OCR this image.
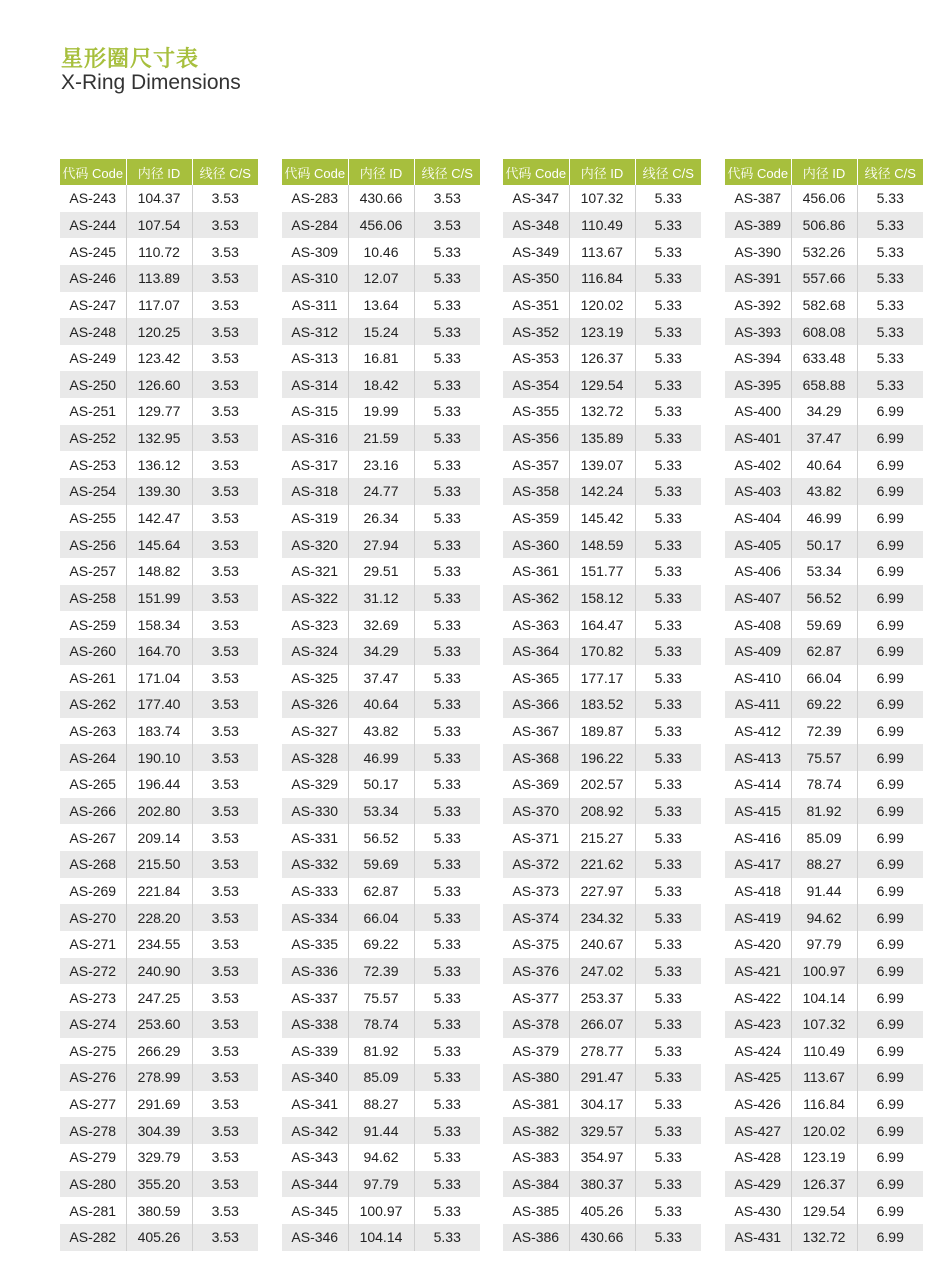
星形圈尺寸表
X-Ring Dimensions
代码 Code	内径 ID	线径 C/S
AS-243	104.37	3.53
AS-244	107.54	3.53
AS-245	110.72	3.53
AS-246	113.89	3.53
AS-247	117.07	3.53
AS-248	120.25	3.53
AS-249	123.42	3.53
AS-250	126.60	3.53
AS-251	129.77	3.53
AS-252	132.95	3.53
AS-253	136.12	3.53
AS-254	139.30	3.53
AS-255	142.47	3.53
AS-256	145.64	3.53
AS-257	148.82	3.53
AS-258	151.99	3.53
AS-259	158.34	3.53
AS-260	164.70	3.53
AS-261	171.04	3.53
AS-262	177.40	3.53
AS-263	183.74	3.53
AS-264	190.10	3.53
AS-265	196.44	3.53
AS-266	202.80	3.53
AS-267	209.14	3.53
AS-268	215.50	3.53
AS-269	221.84	3.53
AS-270	228.20	3.53
AS-271	234.55	3.53
AS-272	240.90	3.53
AS-273	247.25	3.53
AS-274	253.60	3.53
AS-275	266.29	3.53
AS-276	278.99	3.53
AS-277	291.69	3.53
AS-278	304.39	3.53
AS-279	329.79	3.53
AS-280	355.20	3.53
AS-281	380.59	3.53
AS-282	405.26	3.53
代码 Code	内径 ID	线径 C/S
AS-283	430.66	3.53
AS-284	456.06	3.53
AS-309	10.46	5.33
AS-310	12.07	5.33
AS-311	13.64	5.33
AS-312	15.24	5.33
AS-313	16.81	5.33
AS-314	18.42	5.33
AS-315	19.99	5.33
AS-316	21.59	5.33
AS-317	23.16	5.33
AS-318	24.77	5.33
AS-319	26.34	5.33
AS-320	27.94	5.33
AS-321	29.51	5.33
AS-322	31.12	5.33
AS-323	32.69	5.33
AS-324	34.29	5.33
AS-325	37.47	5.33
AS-326	40.64	5.33
AS-327	43.82	5.33
AS-328	46.99	5.33
AS-329	50.17	5.33
AS-330	53.34	5.33
AS-331	56.52	5.33
AS-332	59.69	5.33
AS-333	62.87	5.33
AS-334	66.04	5.33
AS-335	69.22	5.33
AS-336	72.39	5.33
AS-337	75.57	5.33
AS-338	78.74	5.33
AS-339	81.92	5.33
AS-340	85.09	5.33
AS-341	88.27	5.33
AS-342	91.44	5.33
AS-343	94.62	5.33
AS-344	97.79	5.33
AS-345	100.97	5.33
AS-346	104.14	5.33
代码 Code	内径 ID	线径 C/S
AS-347	107.32	5.33
AS-348	110.49	5.33
AS-349	113.67	5.33
AS-350	116.84	5.33
AS-351	120.02	5.33
AS-352	123.19	5.33
AS-353	126.37	5.33
AS-354	129.54	5.33
AS-355	132.72	5.33
AS-356	135.89	5.33
AS-357	139.07	5.33
AS-358	142.24	5.33
AS-359	145.42	5.33
AS-360	148.59	5.33
AS-361	151.77	5.33
AS-362	158.12	5.33
AS-363	164.47	5.33
AS-364	170.82	5.33
AS-365	177.17	5.33
AS-366	183.52	5.33
AS-367	189.87	5.33
AS-368	196.22	5.33
AS-369	202.57	5.33
AS-370	208.92	5.33
AS-371	215.27	5.33
AS-372	221.62	5.33
AS-373	227.97	5.33
AS-374	234.32	5.33
AS-375	240.67	5.33
AS-376	247.02	5.33
AS-377	253.37	5.33
AS-378	266.07	5.33
AS-379	278.77	5.33
AS-380	291.47	5.33
AS-381	304.17	5.33
AS-382	329.57	5.33
AS-383	354.97	5.33
AS-384	380.37	5.33
AS-385	405.26	5.33
AS-386	430.66	5.33
代码 Code	内径 ID	线径 C/S
AS-387	456.06	5.33
AS-389	506.86	5.33
AS-390	532.26	5.33
AS-391	557.66	5.33
AS-392	582.68	5.33
AS-393	608.08	5.33
AS-394	633.48	5.33
AS-395	658.88	5.33
AS-400	34.29	6.99
AS-401	37.47	6.99
AS-402	40.64	6.99
AS-403	43.82	6.99
AS-404	46.99	6.99
AS-405	50.17	6.99
AS-406	53.34	6.99
AS-407	56.52	6.99
AS-408	59.69	6.99
AS-409	62.87	6.99
AS-410	66.04	6.99
AS-411	69.22	6.99
AS-412	72.39	6.99
AS-413	75.57	6.99
AS-414	78.74	6.99
AS-415	81.92	6.99
AS-416	85.09	6.99
AS-417	88.27	6.99
AS-418	91.44	6.99
AS-419	94.62	6.99
AS-420	97.79	6.99
AS-421	100.97	6.99
AS-422	104.14	6.99
AS-423	107.32	6.99
AS-424	110.49	6.99
AS-425	113.67	6.99
AS-426	116.84	6.99
AS-427	120.02	6.99
AS-428	123.19	6.99
AS-429	126.37	6.99
AS-430	129.54	6.99
AS-431	132.72	6.99
